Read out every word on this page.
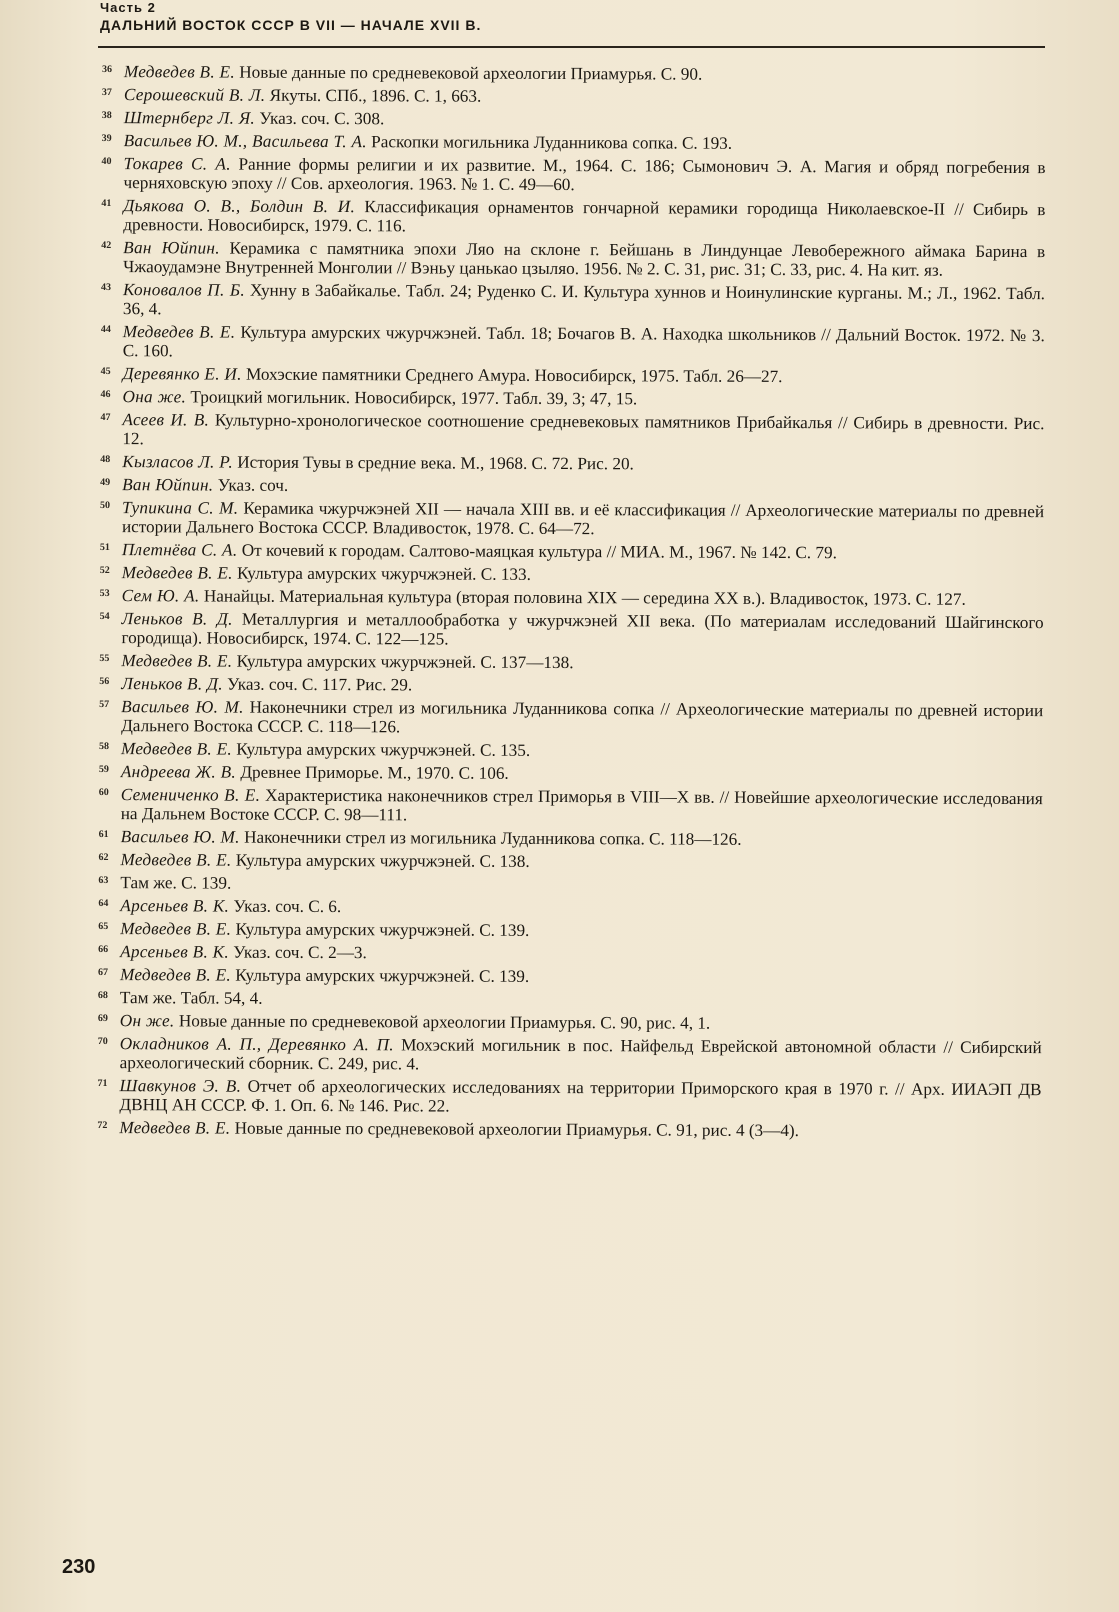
Часть 2
ДАЛЬНИЙ ВОСТОК СССР В VII — НАЧАЛЕ XVII В.
36 Медведев В. Е. Новые данные по средневековой археологии Приамурья. С. 90.
37 Серошевский В. Л. Якуты. СПб., 1896. С. 1, 663.
38 Штернберг Л. Я. Указ. соч. С. 308.
39 Васильев Ю. М., Васильева Т. А. Раскопки могильника Луданникова сопка. С. 193.
40 Токарев С. А. Ранние формы религии и их развитие. М., 1964. С. 186; Сымонович Э. А. Магия и обряд погребения в черняховскую эпоху // Сов. археология. 1963. № 1. С. 49—60.
41 Дьякова О. В., Болдин В. И. Классификация орнаментов гончарной керамики городища Николаевское-II // Сибирь в древности. Новосибирск, 1979. С. 116.
42 Ван Юйпин. Керамика с памятника эпохи Ляо на склоне г. Бейшань в Линдунцае Левобережного аймака Барина в Чжаоудамэне Внутренней Монголии // Вэньу цанькао цзыляо. 1956. № 2. С. 31, рис. 31; С. 33, рис. 4. На кит. яз.
43 Коновалов П. Б. Хунну в Забайкалье. Табл. 24; Руденко С. И. Культура хуннов и Ноинулинские курганы. М.; Л., 1962. Табл. 36, 4.
44 Медведев В. Е. Культура амурских чжурчжэней. Табл. 18; Бочагов В. А. Находка школьников // Дальний Восток. 1972. № 3. С. 160.
45 Деревянко Е. И. Мохэские памятники Среднего Амура. Новосибирск, 1975. Табл. 26—27.
46 Она же. Троицкий могильник. Новосибирск, 1977. Табл. 39, 3; 47, 15.
47 Асеев И. В. Культурно-хронологическое соотношение средневековых памятников Прибайкалья // Сибирь в древности. Рис. 12.
48 Кызласов Л. Р. История Тувы в средние века. М., 1968. С. 72. Рис. 20.
49 Ван Юйпин. Указ. соч.
50 Тупикина С. М. Керамика чжурчжэней XII — начала XIII вв. и её классификация // Археологические материалы по древней истории Дальнего Востока СССР. Владивосток, 1978. С. 64—72.
51 Плетнёва С. А. От кочевий к городам. Салтово-маяцкая культура // МИА. М., 1967. № 142. С. 79.
52 Медведев В. Е. Культура амурских чжурчжэней. С. 133.
53 Сем Ю. А. Нанайцы. Материальная культура (вторая половина XIX — середина XX в.). Владивосток, 1973. С. 127.
54 Леньков В. Д. Металлургия и металлообработка у чжурчжэней XII века. (По материалам исследований Шайгинского городища). Новосибирск, 1974. С. 122—125.
55 Медведев В. Е. Культура амурских чжурчжэней. С. 137—138.
56 Леньков В. Д. Указ. соч. С. 117. Рис. 29.
57 Васильев Ю. М. Наконечники стрел из могильника Луданникова сопка // Археологические материалы по древней истории Дальнего Востока СССР. С. 118—126.
58 Медведев В. Е. Культура амурских чжурчжэней. С. 135.
59 Андреева Ж. В. Древнее Приморье. М., 1970. С. 106.
60 Семениченко В. Е. Характеристика наконечников стрел Приморья в VIII—X вв. // Новейшие археологические исследования на Дальнем Востоке СССР. С. 98—111.
61 Васильев Ю. М. Наконечники стрел из могильника Луданникова сопка. С. 118—126.
62 Медведев В. Е. Культура амурских чжурчжэней. С. 138.
63 Там же. С. 139.
64 Арсеньев В. К. Указ. соч. С. 6.
65 Медведев В. Е. Культура амурских чжурчжэней. С. 139.
66 Арсеньев В. К. Указ. соч. С. 2—3.
67 Медведев В. Е. Культура амурских чжурчжэней. С. 139.
68 Там же. Табл. 54, 4.
69 Он же. Новые данные по средневековой археологии Приамурья. С. 90, рис. 4, 1.
70 Окладников А. П., Деревянко А. П. Мохэский могильник в пос. Найфельд Еврейской автономной области // Сибирский археологический сборник. С. 249, рис. 4.
71 Шавкунов Э. В. Отчет об археологических исследованиях на территории Приморского края в 1970 г. // Арх. ИИАЭП ДВ ДВНЦ АН СССР. Ф. 1. Оп. 6. № 146. Рис. 22.
72 Медведев В. Е. Новые данные по средневековой археологии Приамурья. С. 91, рис. 4 (3—4).
230
